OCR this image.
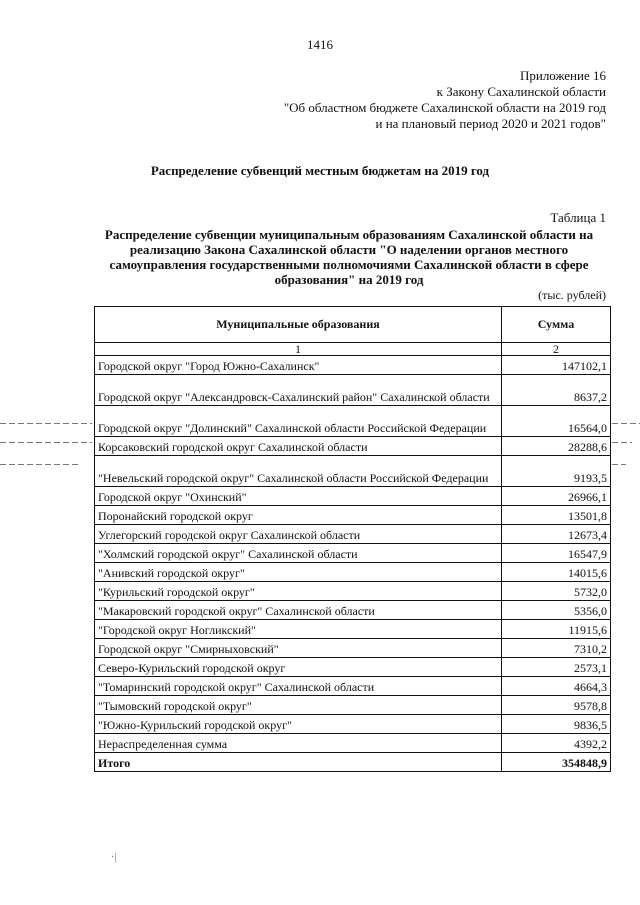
1416
Приложение 16
к Закону Сахалинской области
"Об областном бюджете Сахалинской области на 2019 год
и на плановый период 2020 и 2021 годов"
Распределение субвенций местным бюджетам на 2019 год
Таблица 1
Распределение субвенции муниципальным образованиям Сахалинской области на реализацию Закона Сахалинской области "О наделении органов местного самоуправления государственными полномочиями Сахалинской области в сфере образования" на 2019 год
(тыс. рублей)
Муниципальные образования	Сумма
1	2
Городской округ "Город Южно-Сахалинск"	147102,1
Городской округ "Александровск-Сахалинский район" Сахалинской области	8637,2
Городской округ "Долинский" Сахалинской области Российской Федерации	16564,0
Корсаковский городской округ Сахалинской области	28288,6
"Невельский городской округ" Сахалинской области Российской Федерации	9193,5
Городской округ "Охинский"	26966,1
Поронайский городской округ	13501,8
Углегорский городской округ Сахалинской области	12673,4
"Холмский городской округ" Сахалинской области	16547,9
"Анивский городской округ"	14015,6
"Курильский городской округ"	5732,0
"Макаровский городской округ" Сахалинской области	5356,0
"Городской округ Ногликский"	11915,6
Городской округ "Смирныховский"	7310,2
Северо-Курильский городской округ	2573,1
"Томаринский городской округ" Сахалинской области	4664,3
"Тымовский городской округ"	9578,8
"Южно-Курильский городской округ"	9836,5
Нераспределенная сумма	4392,2
Итого	354848,9
·|
